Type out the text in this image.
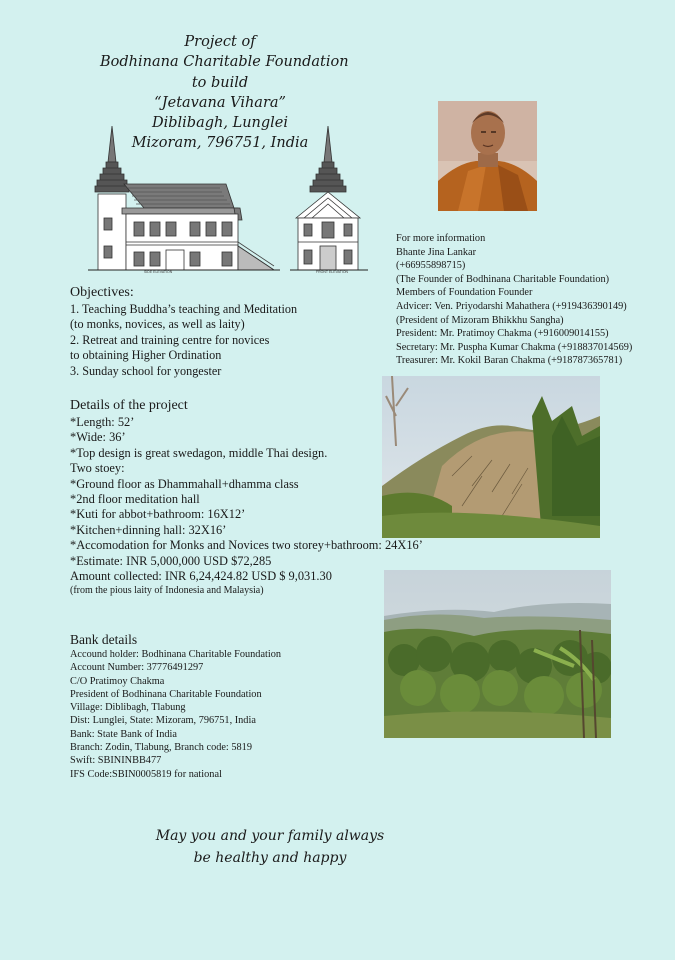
Project of
Bodhinana Charitable Foundation
to build
“Jetavana Vihara”
Diblibagh, Lunglei
Mizoram, 796751, India
SIDE ELEVATION	FRONT ELEVATION
For more information
Bhante Jina Lankar
(+66955898715)
(The Founder of Bodhinana Charitable Foundation)
Members of Foundation Founder
Advicer: Ven. Priyodarshi Mahathera (+919436390149)
(President of Mizoram Bhikkhu Sangha)
President: Mr. Pratimoy Chakma (+916009014155)
Secretary: Mr. Puspha Kumar Chakma (+918837014569)
Treasurer: Mr. Kokil Baran Chakma (+918787365781)
Objectives:
1. Teaching Buddha’s teaching and Meditation
(to monks, novices, as well as laity)
2. Retreat and training centre for novices
to obtaining Higher Ordination
3. Sunday school for yongester
Details of the project
*Length: 52’
*Wide: 36’
*Top design is great swedagon, middle Thai design.
Two stoey:
*Ground floor as Dhammahall+dhamma class
*2nd floor meditation hall
*Kuti for abbot+bathroom: 16X12’
*Kitchen+dinning hall: 32X16’
*Accomodation for Monks and Novices two storey+bathroom: 24X16’
*Estimate: INR 5,000,000 USD $72,285
Amount collected: INR 6,24,424.82 USD $ 9,031.30
(from the pious laity of Indonesia and Malaysia)
Bank details
Accound holder: Bodhinana Charitable Foundation
Account Number: 37776491297
C/O Pratimoy Chakma
President of Bodhinana Charitable Foundation
Village: Diblibagh, Tlabung
Dist: Lunglei, State: Mizoram, 796751, India
Bank: State Bank of India
Branch: Zodin, Tlabung, Branch code: 5819
Swift: SBININBB477
IFS Code:SBIN0005819 for national
May you and your family always
be healthy and happy
